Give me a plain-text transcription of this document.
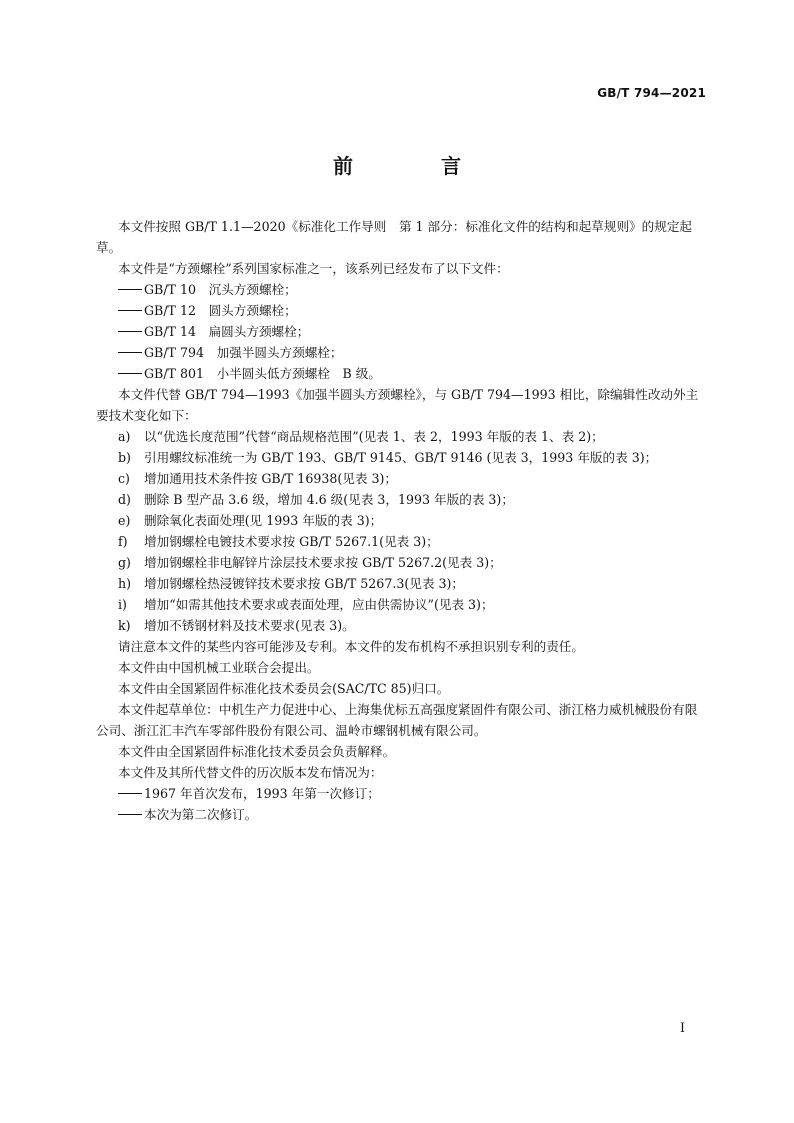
GB/T 794—2021
前　言

本文件按照 GB/T 1.1—2020《标准化工作导则　第 1 部分：标准化文件的结构和起草规则》的规定起草。

本文件是“方颈螺栓”系列国家标准之一，该系列已经发布了以下文件：

GB/T 10　沉头方颈螺栓；

GB/T 12　圆头方颈螺栓；

GB/T 14　扁圆头方颈螺栓；

GB/T 794　加强半圆头方颈螺栓；

GB/T 801　小半圆头低方颈螺栓　B 级。

本文件代替 GB/T 794—1993《加强半圆头方颈螺栓》，与 GB/T 794—1993 相比，除编辑性改动外主要技术变化如下：

a)	以“优选长度范围”代替“商品规格范围”(见表 1、表 2，1993 年版的表 1、表 2)；
b)	引用螺纹标准统一为 GB/T 193、GB/T 9145、GB/T 9146 (见表 3，1993 年版的表 3)；
c)	增加通用技术条件按 GB/T 16938(见表 3)；
d)	删除 B 型产品 3.6 级，增加 4.6 级(见表 3，1993 年版的表 3)；
e)	删除氧化表面处理(见 1993 年版的表 3)；
f)	增加钢螺栓电镀技术要求按 GB/T 5267.1(见表 3)；
g)	增加钢螺栓非电解锌片涂层技术要求按 GB/T 5267.2(见表 3)；
h)	增加钢螺栓热浸镀锌技术要求按 GB/T 5267.3(见表 3)；
i)	增加“如需其他技术要求或表面处理，应由供需协议”(见表 3)；
k)	增加不锈钢材料及技术要求(见表 3)。

请注意本文件的某些内容可能涉及专利。本文件的发布机构不承担识别专利的责任。

本文件由中国机械工业联合会提出。

本文件由全国紧固件标准化技术委员会(SAC/TC 85)归口。

本文件起草单位：中机生产力促进中心、上海集优标五高强度紧固件有限公司、浙江格力威机械股份有限公司、浙江汇丰汽车零部件股份有限公司、温岭市螺钢机械有限公司。

本文件由全国紧固件标准化技术委员会负责解释。

本文件及其所代替文件的历次版本发布情况为：

1967 年首次发布，1993 年第一次修订；

本次为第二次修订。

I
